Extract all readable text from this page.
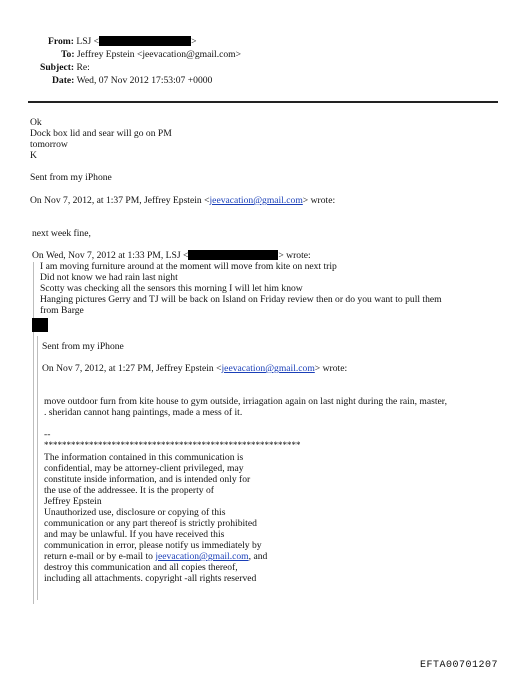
From: LSJ <	>
To: Jeffrey Epstein <jeevacation@gmail.com>
Subject: Re:
Date: Wed, 07 Nov 2012 17:53:07 +0000
Ok
Dock box lid and sear will go on PM
tomorrow
K
Sent from my iPhone
On Nov 7, 2012, at 1:37 PM, Jeffrey Epstein <jeevacation@gmail.com> wrote:
next week fine,
On Wed, Nov 7, 2012 at 1:33 PM, LSJ <	> wrote:
I am moving furniture around at the moment will move from kite on next trip
Did not know we had rain last night
Scotty was checking all the sensors this morning I will let him know
Hanging pictures Gerry and TJ will be back on Island on Friday review then or do you want to pull them
from Barge
Sent from my iPhone
On Nov 7, 2012, at 1:27 PM, Jeffrey Epstein <jeevacation@gmail.com> wrote:
move outdoor furn from kite house to gym outside, irriagation again on last night during the rain, master,
. sheridan cannot hang paintings, made a mess of it.
--
*********************************************************
The information contained in this communication is
confidential, may be attorney-client privileged, may
constitute inside information, and is intended only for
the use of the addressee. It is the property of
Jeffrey Epstein
Unauthorized use, disclosure or copying of this
communication or any part thereof is strictly prohibited
and may be unlawful. If you have received this
communication in error, please notify us immediately by
return e-mail or by e-mail to jeevacation@gmail.com, and
destroy this communication and all copies thereof,
including all attachments. copyright -all rights reserved
EFTA00701207
